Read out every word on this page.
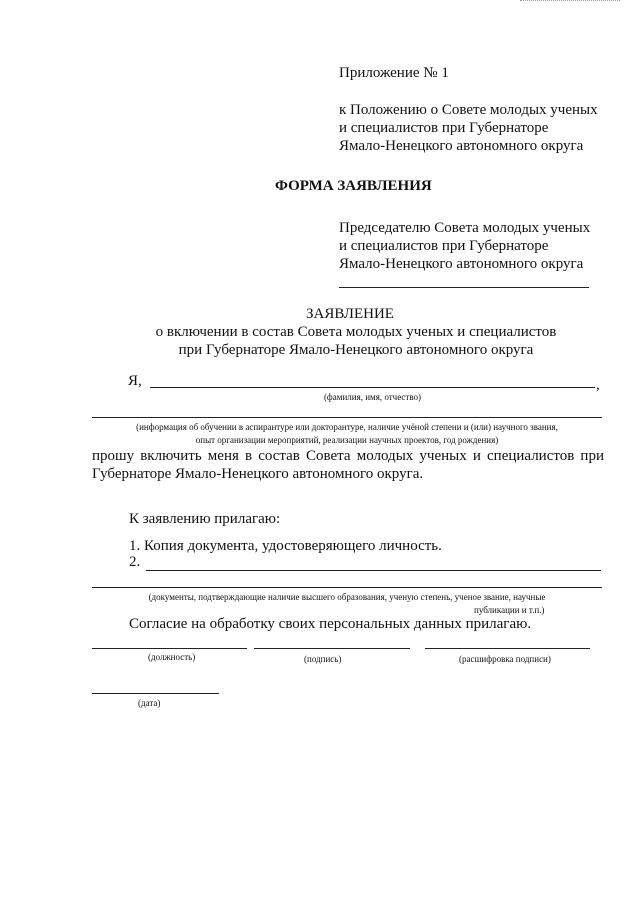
Приложение № 1
к Положению о Совете молодых ученых
и специалистов при Губернаторе
Ямало-Ненецкого автономного округа
ФОРМА ЗАЯВЛЕНИЯ
Председателю Совета молодых ученых
и специалистов при Губернаторе
Ямало-Ненецкого автономного округа
ЗАЯВЛЕНИЕ
о включении в состав Совета молодых ученых и специалистов
при Губернаторе Ямало-Ненецкого автономного округа
Я,	,
(фамилия, имя, отчество)
(информация об обучении в аспирантуре или докторантуре, наличие учёной степени и (или) научного звания,
опыт организации мероприятий, реализации научных проектов, год рождения)
прошу включить меня в состав Совета молодых ученых и специалистов при
Губернаторе Ямало-Ненецкого автономного округа.
К заявлению прилагаю:
1. Копия документа, удостоверяющего личность.
2.
(документы, подтверждающие наличие высшего образования, ученую степень, ученое звание, научные
публикации и т.п.)
Согласие на обработку своих персональных данных прилагаю.
(должность)	(подпись)	(расшифровка подписи)
(дата)
